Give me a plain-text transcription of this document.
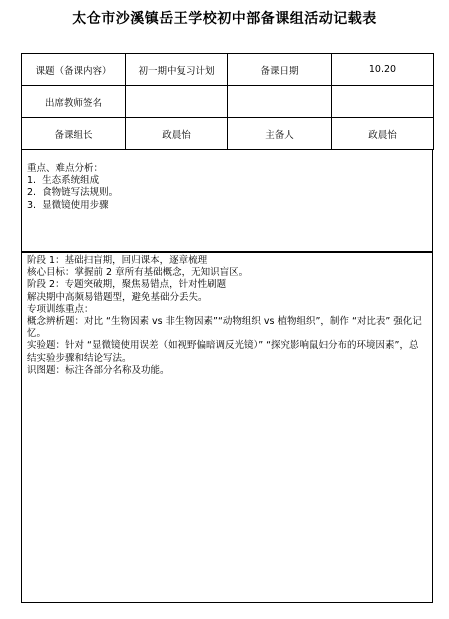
太仓市沙溪镇岳王学校初中部备课组活动记载表
课题（备课内容）	初一期中复习计划	备课日期	10.20
出席教师签名			
备课组长	政晨怡	主备人	政晨怡
重点、难点分析：
1.  生态系统组成
2.  食物链写法规则。
3.  显微镜使用步骤
阶段 1：基础扫盲期，回归课本，逐章梳理
核心目标：掌握前 2 章所有基础概念，无知识盲区。
阶段 2：专题突破期，聚焦易错点，针对性刷题
解决期中高频易错题型，避免基础分丢失。
专项训练重点：
概念辨析题：对比 “生物因素 vs 非生物因素”“动物组织 vs 植物组织”，制作 “对比表” 强化记忆。
实验题：针对 “显微镜使用误差（如视野偏暗调反光镜）” “探究影响鼠妇分布的环境因素”，总结实验步骤和结论写法。
识图题：标注各部分名称及功能。
